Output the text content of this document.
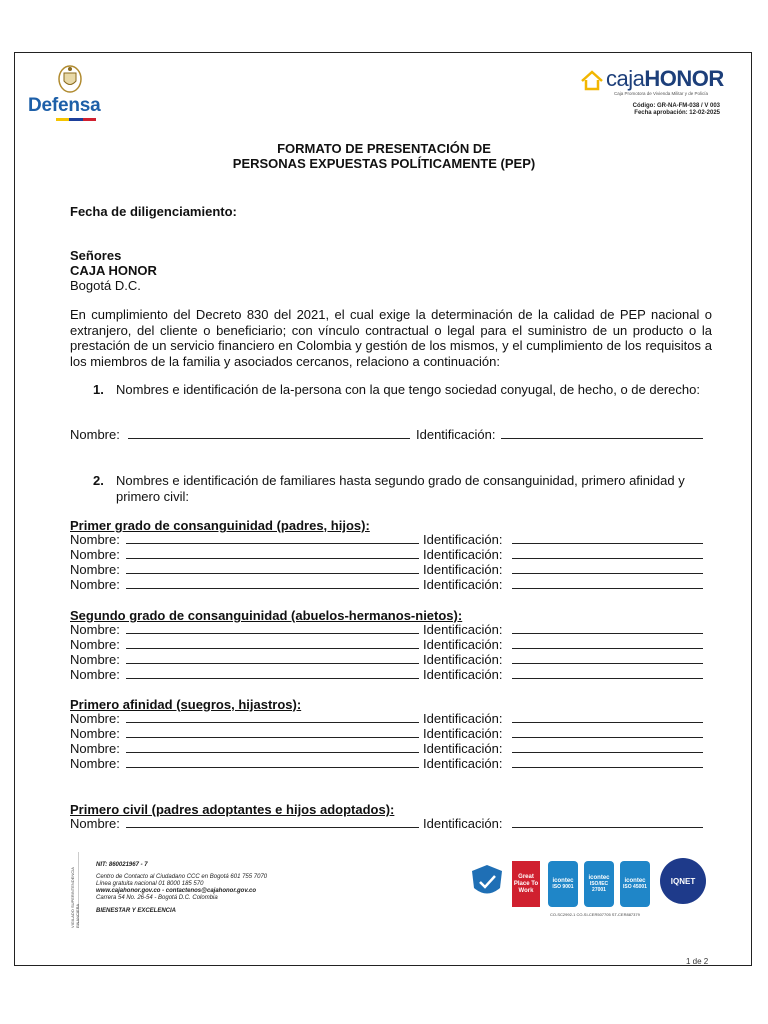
Defensa
cajaHONOR
Caja Promotora de Vivienda Militar y de Policía
Código: GR-NA-FM-038 / V 003
Fecha aprobación: 12-02-2025
FORMATO DE PRESENTACIÓN DE
PERSONAS EXPUESTAS POLÍTICAMENTE (PEP)
Fecha de diligenciamiento:
Señores
CAJA HONOR
Bogotá D.C.
En cumplimiento del Decreto 830 del 2021, el cual exige la determinación de la calidad de PEP nacional o extranjero, del cliente o beneficiario; con vínculo contractual o legal para el suministro de un producto o la prestación de un servicio financiero en Colombia y gestión de los mismos, y el cumplimiento de los requisitos a los miembros de la familia y asociados cercanos, relaciono a continuación:
1. Nombres e identificación de la-persona con la que tengo sociedad conyugal, de hecho, o de derecho:
Nombre:	Identificación:
2. Nombres e identificación de familiares hasta segundo grado de consanguinidad, primero afinidad y primero civil:
Primer grado de consanguinidad (padres, hijos):
Nombre:	Identificación:
Nombre:	Identificación:
Nombre:	Identificación:
Nombre:	Identificación:
Segundo grado de consanguinidad (abuelos-hermanos-nietos):
Nombre:	Identificación:
Nombre:	Identificación:
Nombre:	Identificación:
Nombre:	Identificación:
Primero afinidad (suegros, hijastros):
Nombre:	Identificación:
Nombre:	Identificación:
Nombre:	Identificación:
Nombre:	Identificación:
Primero civil (padres adoptantes e hijos adoptados):
Nombre:	Identificación:
VIGILADO SUPERINTENDENCIA FINANCIERA
NIT: 860021967 - 7
Centro de Contacto al Ciudadano CCC en Bogotá 601 755 7070
Línea gratuita nacional 01 8000 185 570
www.cajahonor.gov.co - contactenos@cajahonor.gov.co
Carrera 54 No. 26-54 - Bogotá D.C. Colombia
BIENESTAR Y EXCELENCIA
Great Place To Work
icontec
ISO 9001
icontec
ISO/IEC 27001
icontec
ISO 45001
IQNET
CO-SC2992-1 CO-SI-CER507705 ST-CER887379
1 de 2
